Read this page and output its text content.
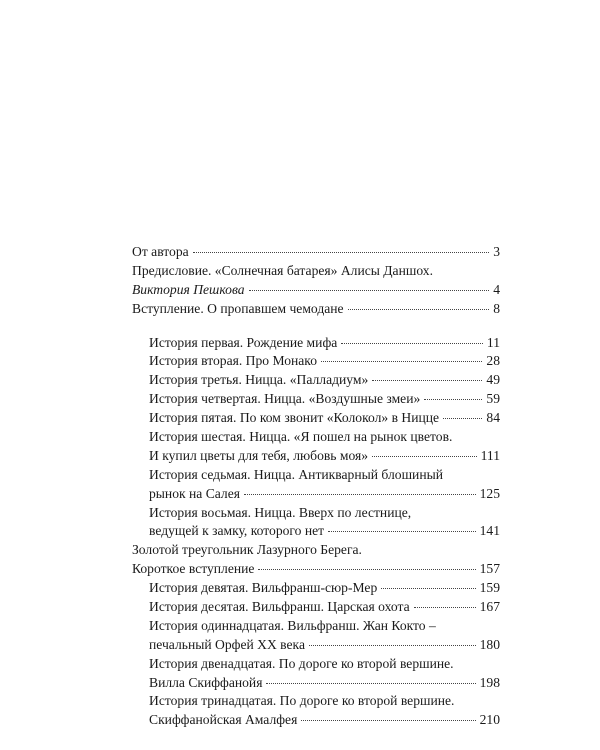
От автора	3
Предисловие. «Солнечная батарея» Алисы Даншох.
Виктория Пешкова	4
Вступление. О пропавшем чемодане	8
История первая. Рождение мифа	11
История вторая. Про Монако	28
История третья. Ницца. «Палладиум»	49
История четвертая. Ницца. «Воздушные змеи»	59
История пятая. По ком звонит «Колокол» в Ницце	84
История шестая. Ницца. «Я пошел на рынок цветов.
И купил цветы для тебя, любовь моя»	111
История седьмая. Ницца. Антикварный блошиный
рынок на Салея	125
История восьмая. Ницца. Вверх по лестнице,
ведущей к замку, которого нет	141
Золотой треугольник Лазурного Берега.
Короткое вступление	157
История девятая. Вильфранш-сюр-Мер	159
История десятая. Вильфранш. Царская охота	167
История одиннадцатая. Вильфранш. Жан Кокто –
печальный Орфей ХХ века	180
История двенадцатая. По дороге ко второй вершине.
Вилла Скиффанойя	198
История тринадцатая. По дороге ко второй вершине.
Скиффанойская Амалфея	210
